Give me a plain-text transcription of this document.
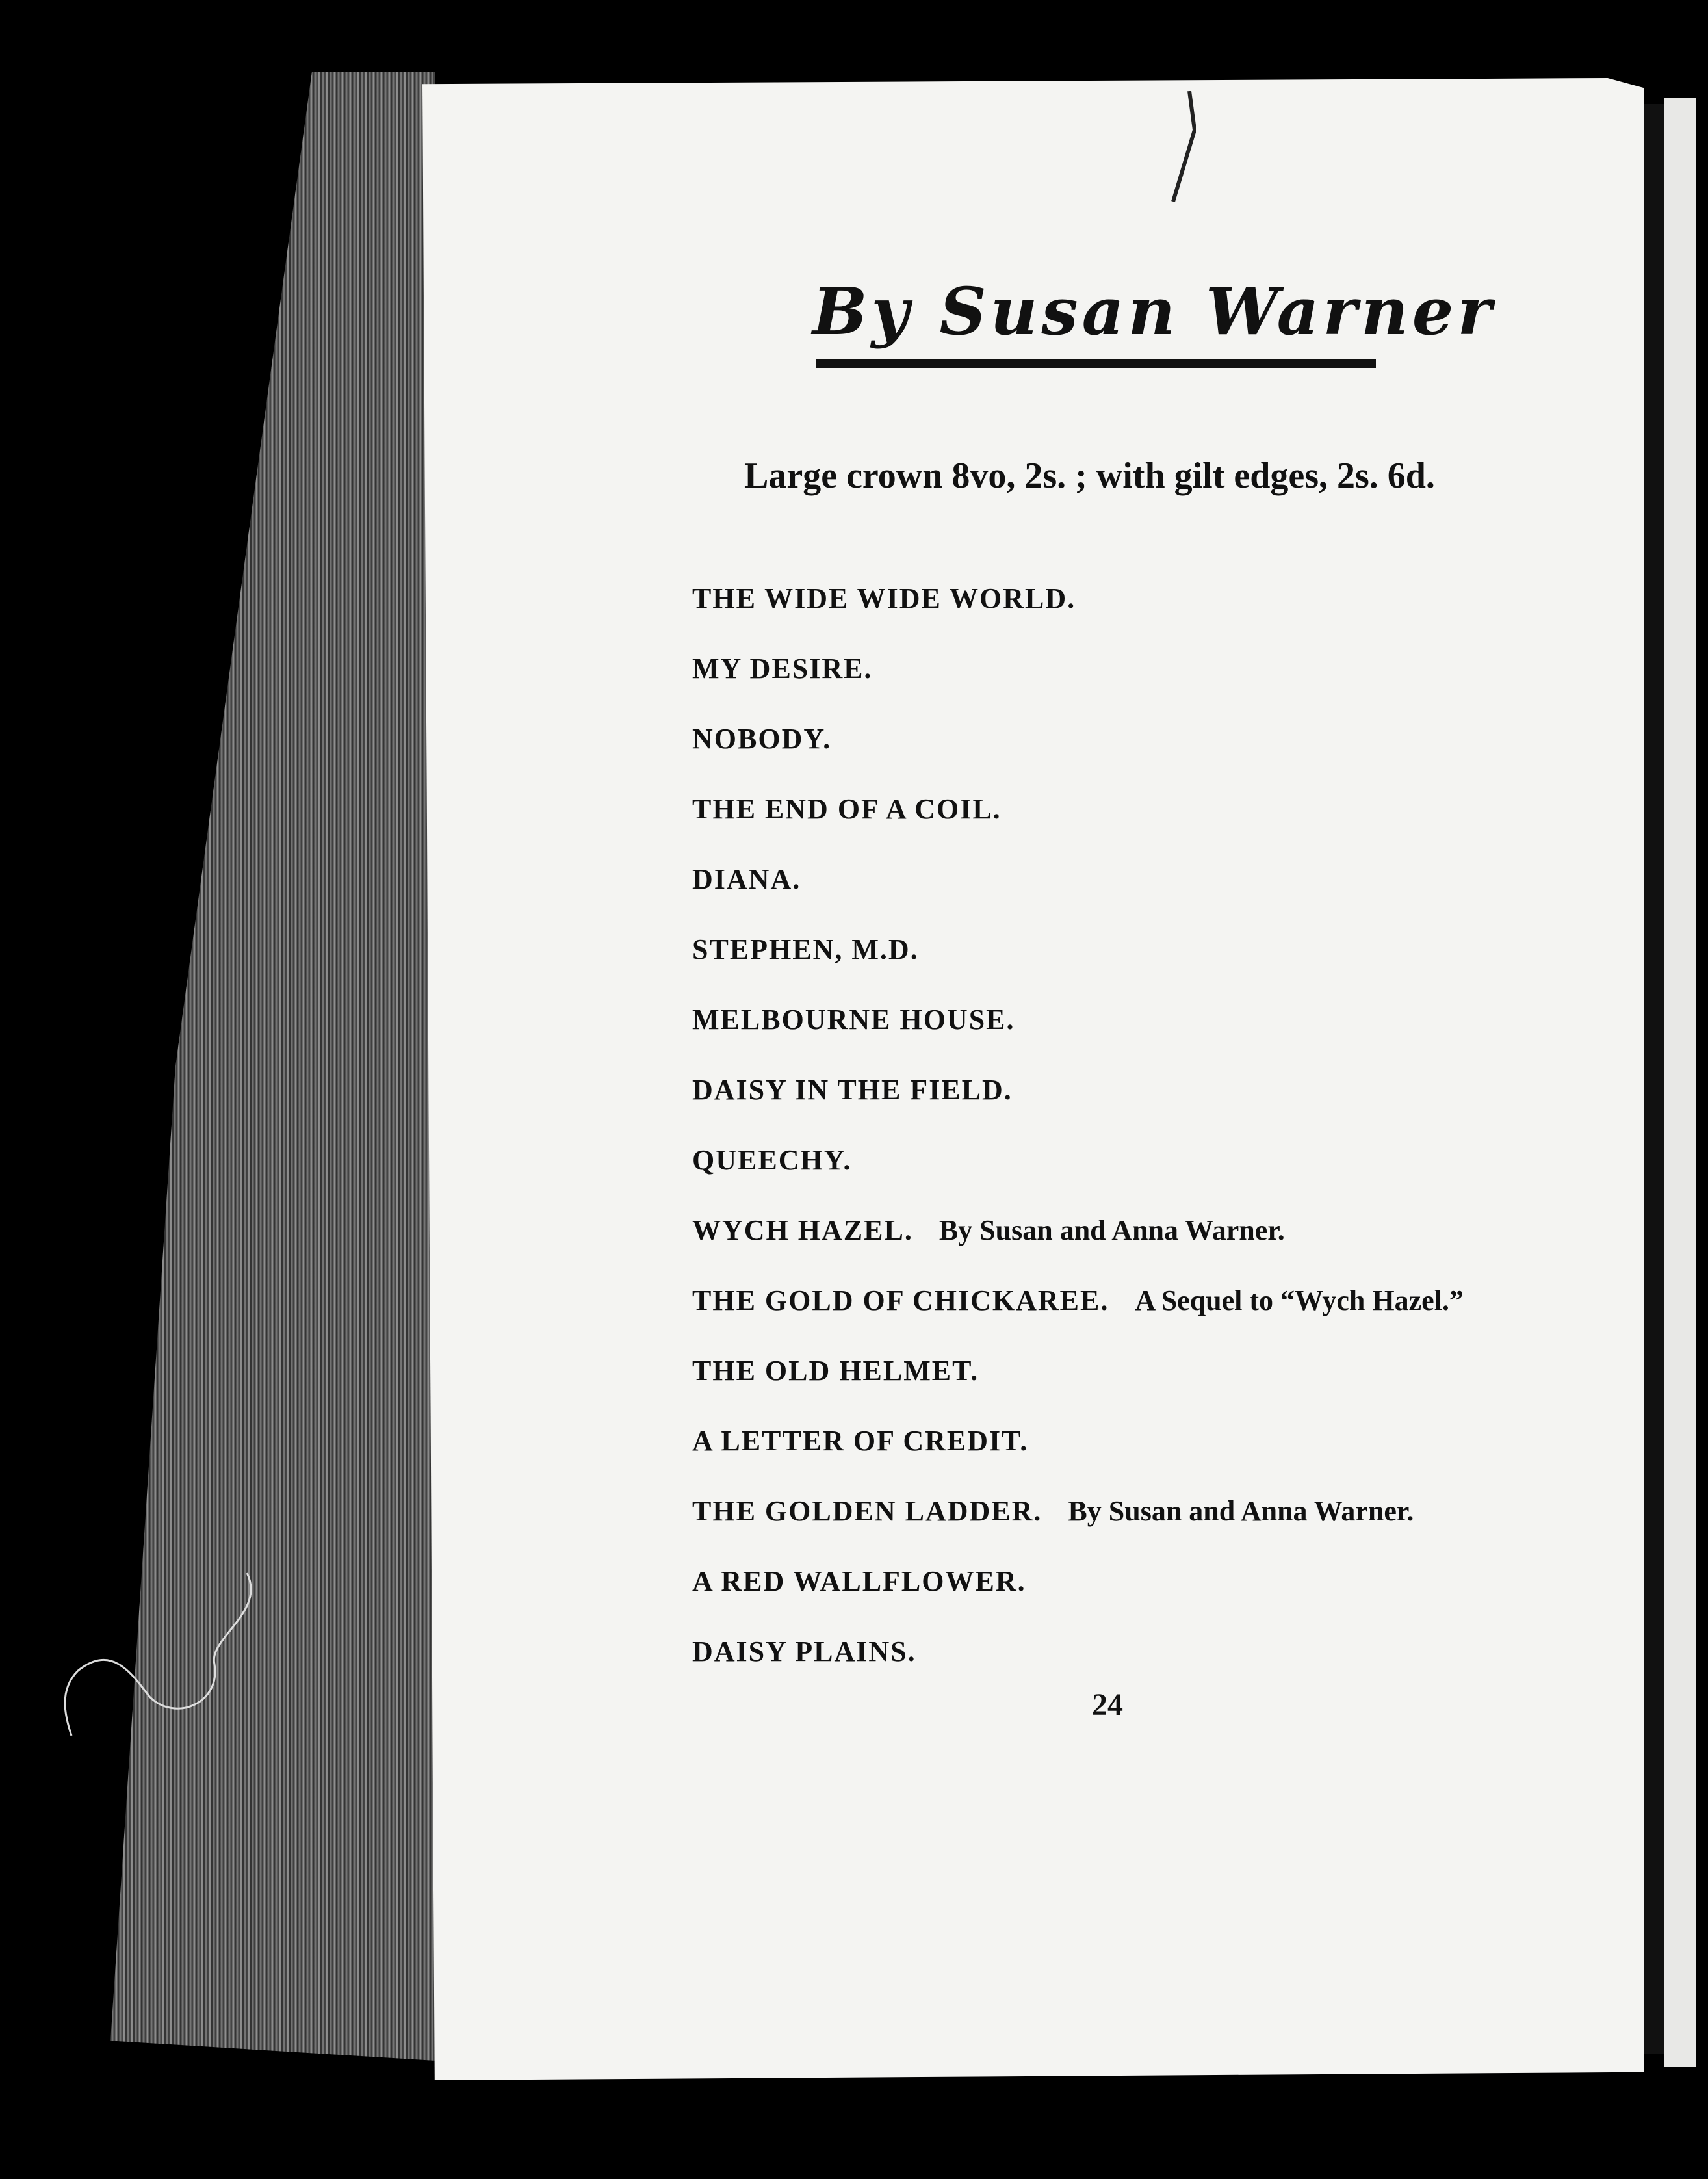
By Susan Warner
Large crown 8vo, 2s. ; with gilt edges, 2s. 6d.
THE WIDE WIDE WORLD.
MY DESIRE.
NOBODY.
THE END OF A COIL.
DIANA.
STEPHEN, M.D.
MELBOURNE HOUSE.
DAISY IN THE FIELD.
QUEECHY.
WYCH HAZEL. By Susan and Anna Warner.
THE GOLD OF CHICKAREE. A Sequel to “Wych Hazel.”
THE OLD HELMET.
A LETTER OF CREDIT.
THE GOLDEN LADDER. By Susan and Anna Warner.
A RED WALLFLOWER.
DAISY PLAINS.
24
